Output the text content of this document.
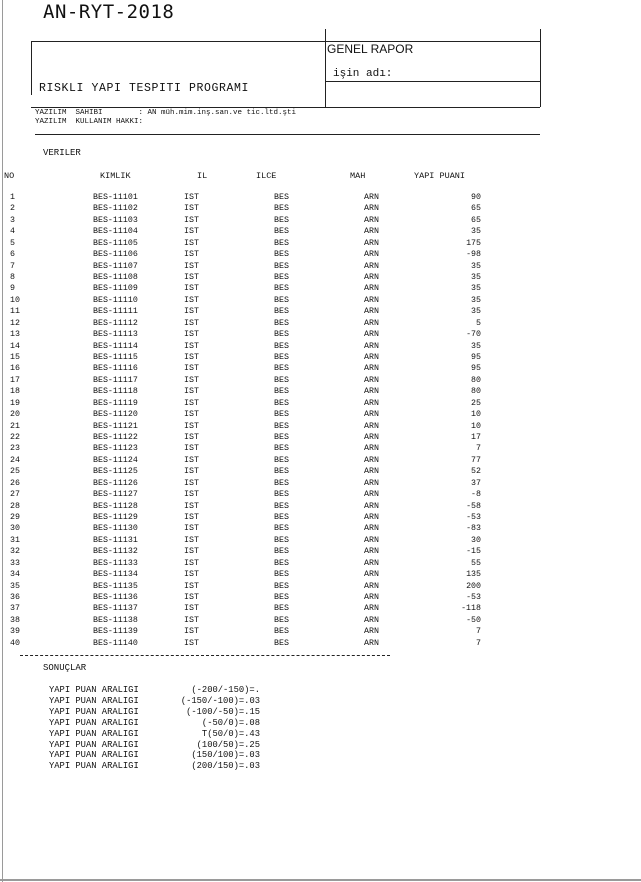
AN-RYT-2018
GENEL RAPOR
işin adı:
RISKLI YAPI TESPITI PROGRAMI
YAZILIM  SAHIBI        : AN müh.mim.inş.san.ve tic.ltd.şti
YAZILIM  KULLANIM HAKKI:
VERILER
NO	KIMLIK	IL	ILCE	MAH	YAPI PUANI
1	BES-11101	IST	BES	ARN	90
2	BES-11102	IST	BES	ARN	65
3	BES-11103	IST	BES	ARN	65
4	BES-11104	IST	BES	ARN	35
5	BES-11105	IST	BES	ARN	175
6	BES-11106	IST	BES	ARN	-98
7	BES-11107	IST	BES	ARN	35
8	BES-11108	IST	BES	ARN	35
9	BES-11109	IST	BES	ARN	35
10	BES-11110	IST	BES	ARN	35
11	BES-11111	IST	BES	ARN	35
12	BES-11112	IST	BES	ARN	5
13	BES-11113	IST	BES	ARN	-70
14	BES-11114	IST	BES	ARN	35
15	BES-11115	IST	BES	ARN	95
16	BES-11116	IST	BES	ARN	95
17	BES-11117	IST	BES	ARN	80
18	BES-11118	IST	BES	ARN	80
19	BES-11119	IST	BES	ARN	25
20	BES-11120	IST	BES	ARN	10
21	BES-11121	IST	BES	ARN	10
22	BES-11122	IST	BES	ARN	17
23	BES-11123	IST	BES	ARN	7
24	BES-11124	IST	BES	ARN	77
25	BES-11125	IST	BES	ARN	52
26	BES-11126	IST	BES	ARN	37
27	BES-11127	IST	BES	ARN	-8
28	BES-11128	IST	BES	ARN	-58
29	BES-11129	IST	BES	ARN	-53
30	BES-11130	IST	BES	ARN	-83
31	BES-11131	IST	BES	ARN	30
32	BES-11132	IST	BES	ARN	-15
33	BES-11133	IST	BES	ARN	55
34	BES-11134	IST	BES	ARN	135
35	BES-11135	IST	BES	ARN	200
36	BES-11136	IST	BES	ARN	-53
37	BES-11137	IST	BES	ARN	-118
38	BES-11138	IST	BES	ARN	-50
39	BES-11139	IST	BES	ARN	7
40	BES-11140	IST	BES	ARN	7
SONUÇLAR
YAPI PUAN ARALIGI	(-200/-150)=.
YAPI PUAN ARALIGI	(-150/-100)=.03
YAPI PUAN ARALIGI	(-100/-50)=.15
YAPI PUAN ARALIGI	(-50/0)=.08
YAPI PUAN ARALIGI	T(50/0)=.43
YAPI PUAN ARALIGI	(100/50)=.25
YAPI PUAN ARALIGI	(150/100)=.03
YAPI PUAN ARALIGI	(200/150)=.03
